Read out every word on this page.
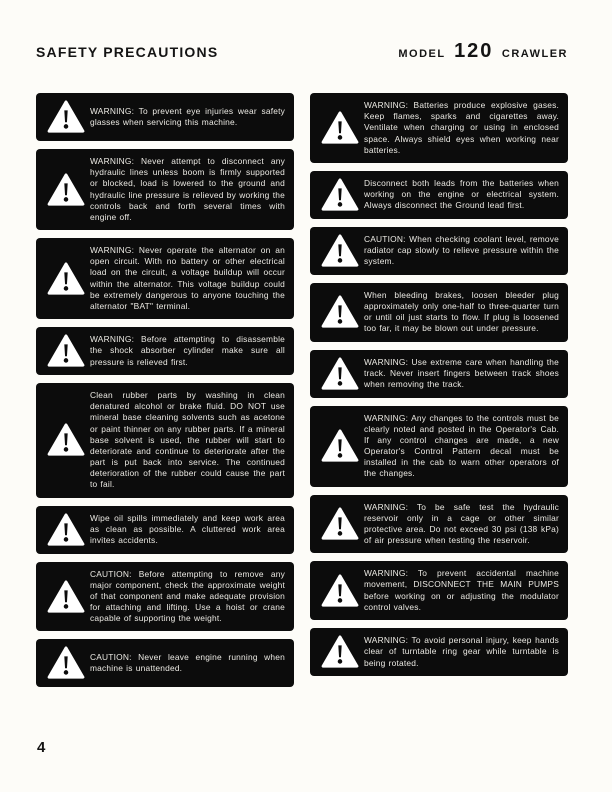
SAFETY PRECAUTIONS	MODEL 120 CRAWLER
WARNING: To prevent eye injuries wear safety glasses when servicing this machine.
WARNING: Never attempt to disconnect any hydraulic lines unless boom is firmly supported or blocked, load is lowered to the ground and hydraulic line pressure is relieved by working the controls back and forth several times with engine off.
WARNING: Never operate the alternator on an open circuit. With no battery or other electrical load on the circuit, a voltage buildup will occur within the alternator. This voltage buildup could be extremely dangerous to anyone touching the alternator "BAT" terminal.
WARNING: Before attempting to disassemble the shock absorber cylinder make sure all pressure is relieved first.
Clean rubber parts by washing in clean denatured alcohol or brake fluid. DO NOT use mineral base cleaning solvents such as acetone or paint thinner on any rubber parts. If a mineral base solvent is used, the rubber will start to deteriorate and continue to deteriorate after the part is put back into service. The continued deterioration of the rubber could cause the part to fail.
Wipe oil spills immediately and keep work area as clean as possible. A cluttered work area invites accidents.
CAUTION: Before attempting to remove any major component, check the approximate weight of that component and make adequate provision for attaching and lifting. Use a hoist or crane capable of supporting the weight.
CAUTION: Never leave engine running when machine is unattended.
WARNING: Batteries produce explosive gases. Keep flames, sparks and cigarettes away. Ventilate when charging or using in enclosed space. Always shield eyes when working near batteries.
Disconnect both leads from the batteries when working on the engine or electrical system. Always disconnect the Ground lead first.
CAUTION: When checking coolant level, remove radiator cap slowly to relieve pressure within the system.
When bleeding brakes, loosen bleeder plug approximately only one-half to three-quarter turn or until oil just starts to flow. If plug is loosened too far, it may be blown out under pressure.
WARNING: Use extreme care when handling the track. Never insert fingers between track shoes when removing the track.
WARNING: Any changes to the controls must be clearly noted and posted in the Operator's Cab. If any control changes are made, a new Operator's Control Pattern decal must be installed in the cab to warn other operators of the changes.
WARNING: To be safe test the hydraulic reservoir only in a cage or other similar protective area. Do not exceed 30 psi (138 kPa) of air pressure when testing the reservoir.
WARNING: To prevent accidental machine movement, DISCONNECT THE MAIN PUMPS before working on or adjusting the modulator control valves.
WARNING: To avoid personal injury, keep hands clear of turntable ring gear while turntable is being rotated.
4
